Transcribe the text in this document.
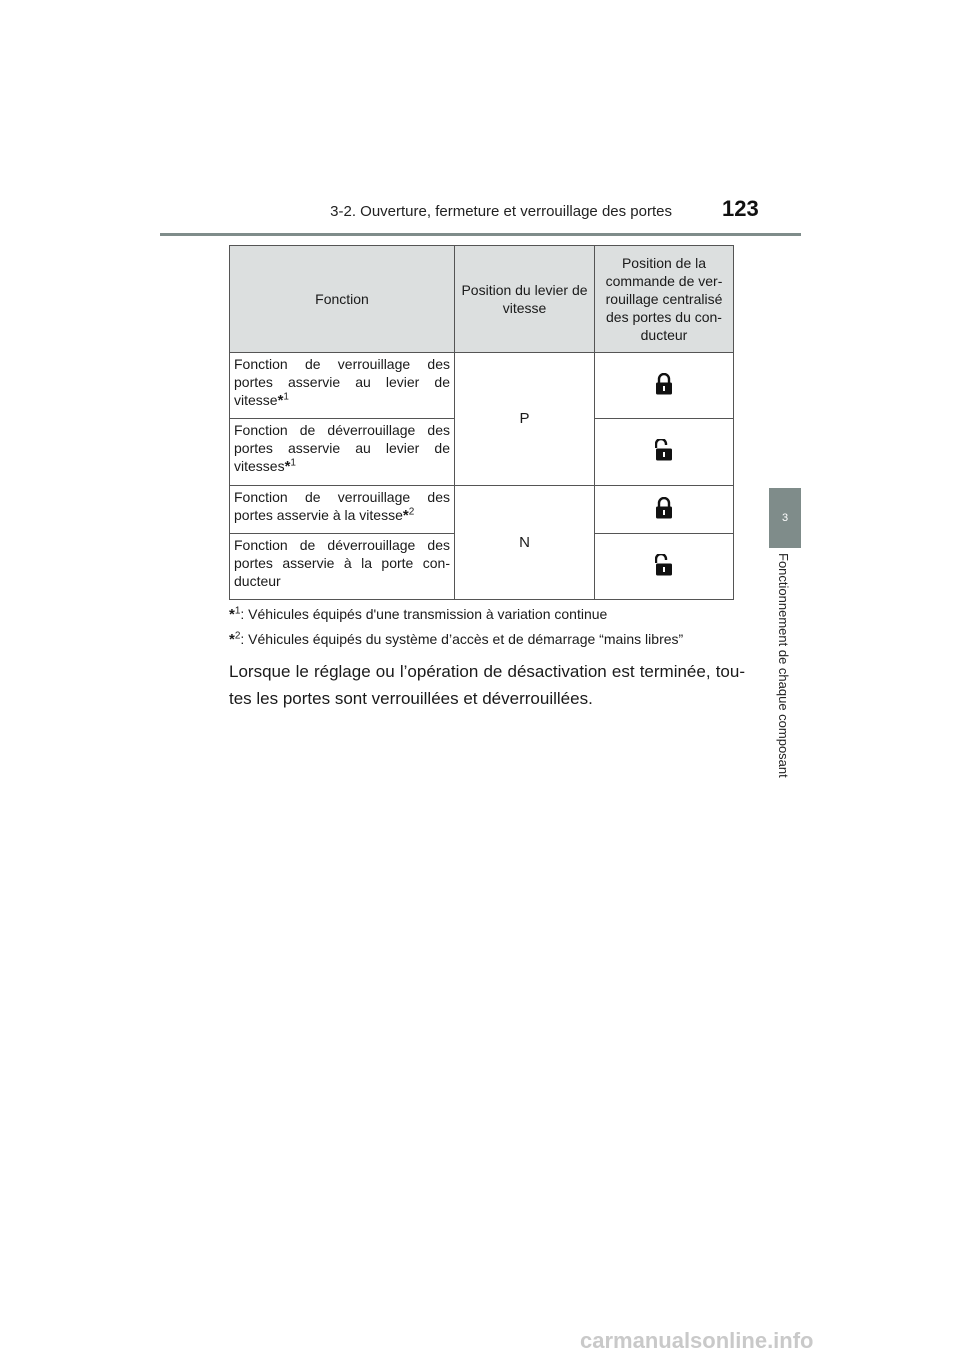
3-2. Ouverture, fermeture et verrouillage des portes 123
3
Fonctionnement de chaque composant
Fonction	Position du levier de vitesse	Position de la commande de ver-rouillage centralisé des portes du con-ducteur
Fonction de verrouillage des portes asservie au levier de vitesse*$^1$	P	
Fonction de déverrouillage des portes asservie au levier de vitesses*$^1$	
Fonction de verrouillage des portes asservie à la vitesse*$^2$	N	
Fonction de déverrouillage des portes asservie à la porte con-ducteur	
*$^1$: Véhicules équipés d'une transmission à variation continue
*$^2$: Véhicules équipés du système d’accès et de démarrage “mains libres”
Lorsque le réglage ou l’opération de désactivation est terminée, tou-tes les portes sont verrouillées et déverrouillées.
carmanualsonline.info
